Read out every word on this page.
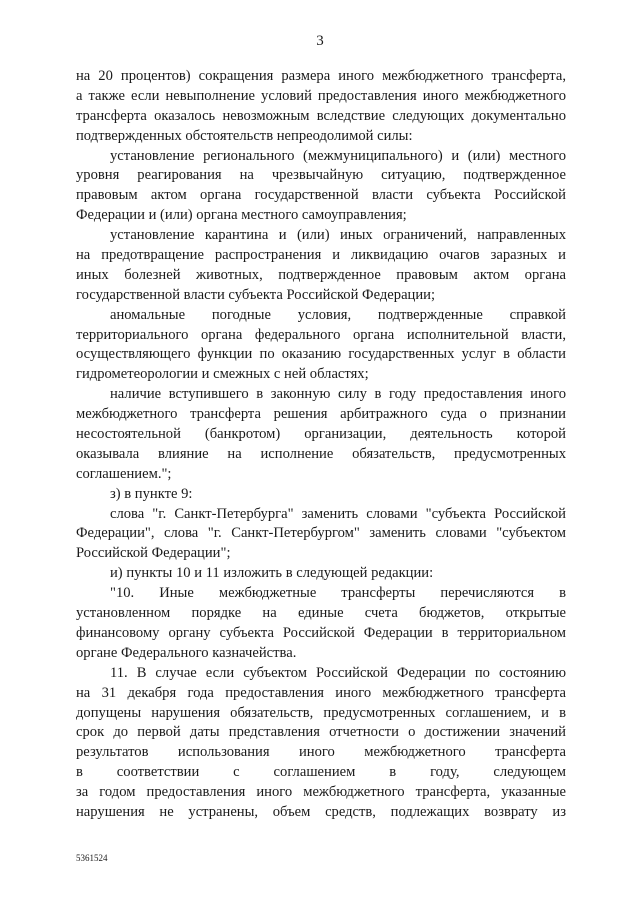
3
на 20 процентов) сокращения размера иного межбюджетного трансферта,
а также если невыполнение условий предоставления иного межбюджетного
трансферта оказалось невозможным вследствие следующих документально
подтвержденных обстоятельств непреодолимой силы:
установление регионального (межмуниципального) и (или) местного
уровня реагирования на чрезвычайную ситуацию, подтвержденное
правовым актом органа государственной власти субъекта Российской
Федерации и (или) органа местного самоуправления;
установление карантина и (или) иных ограничений, направленных
на предотвращение распространения и ликвидацию очагов заразных и
иных болезней животных, подтвержденное правовым актом органа
государственной власти субъекта Российской Федерации;
аномальные погодные условия, подтвержденные справкой
территориального органа федерального органа исполнительной власти,
осуществляющего функции по оказанию государственных услуг в области
гидрометеорологии и смежных с ней областях;
наличие вступившего в законную силу в году предоставления иного
межбюджетного трансферта решения арбитражного суда о признании
несостоятельной (банкротом) организации, деятельность которой
оказывала влияние на исполнение обязательств, предусмотренных
соглашением.";
з) в пункте 9:
слова "г. Санкт-Петербурга" заменить словами "субъекта Российской
Федерации", слова "г. Санкт-Петербургом" заменить словами "субъектом
Российской Федерации";
и) пункты 10 и 11 изложить в следующей редакции:
"10. Иные межбюджетные трансферты перечисляются в
установленном порядке на единые счета бюджетов, открытые
финансовому органу субъекта Российской Федерации в территориальном
органе Федерального казначейства.
11. В случае если субъектом Российской Федерации по состоянию
на 31 декабря года предоставления иного межбюджетного трансферта
допущены нарушения обязательств, предусмотренных соглашением, и в
срок до первой даты представления отчетности о достижении значений
результатов использования иного межбюджетного трансферта
в соответствии с соглашением в году, следующем
за годом предоставления иного межбюджетного трансферта, указанные
нарушения не устранены, объем средств, подлежащих возврату из
5361524
